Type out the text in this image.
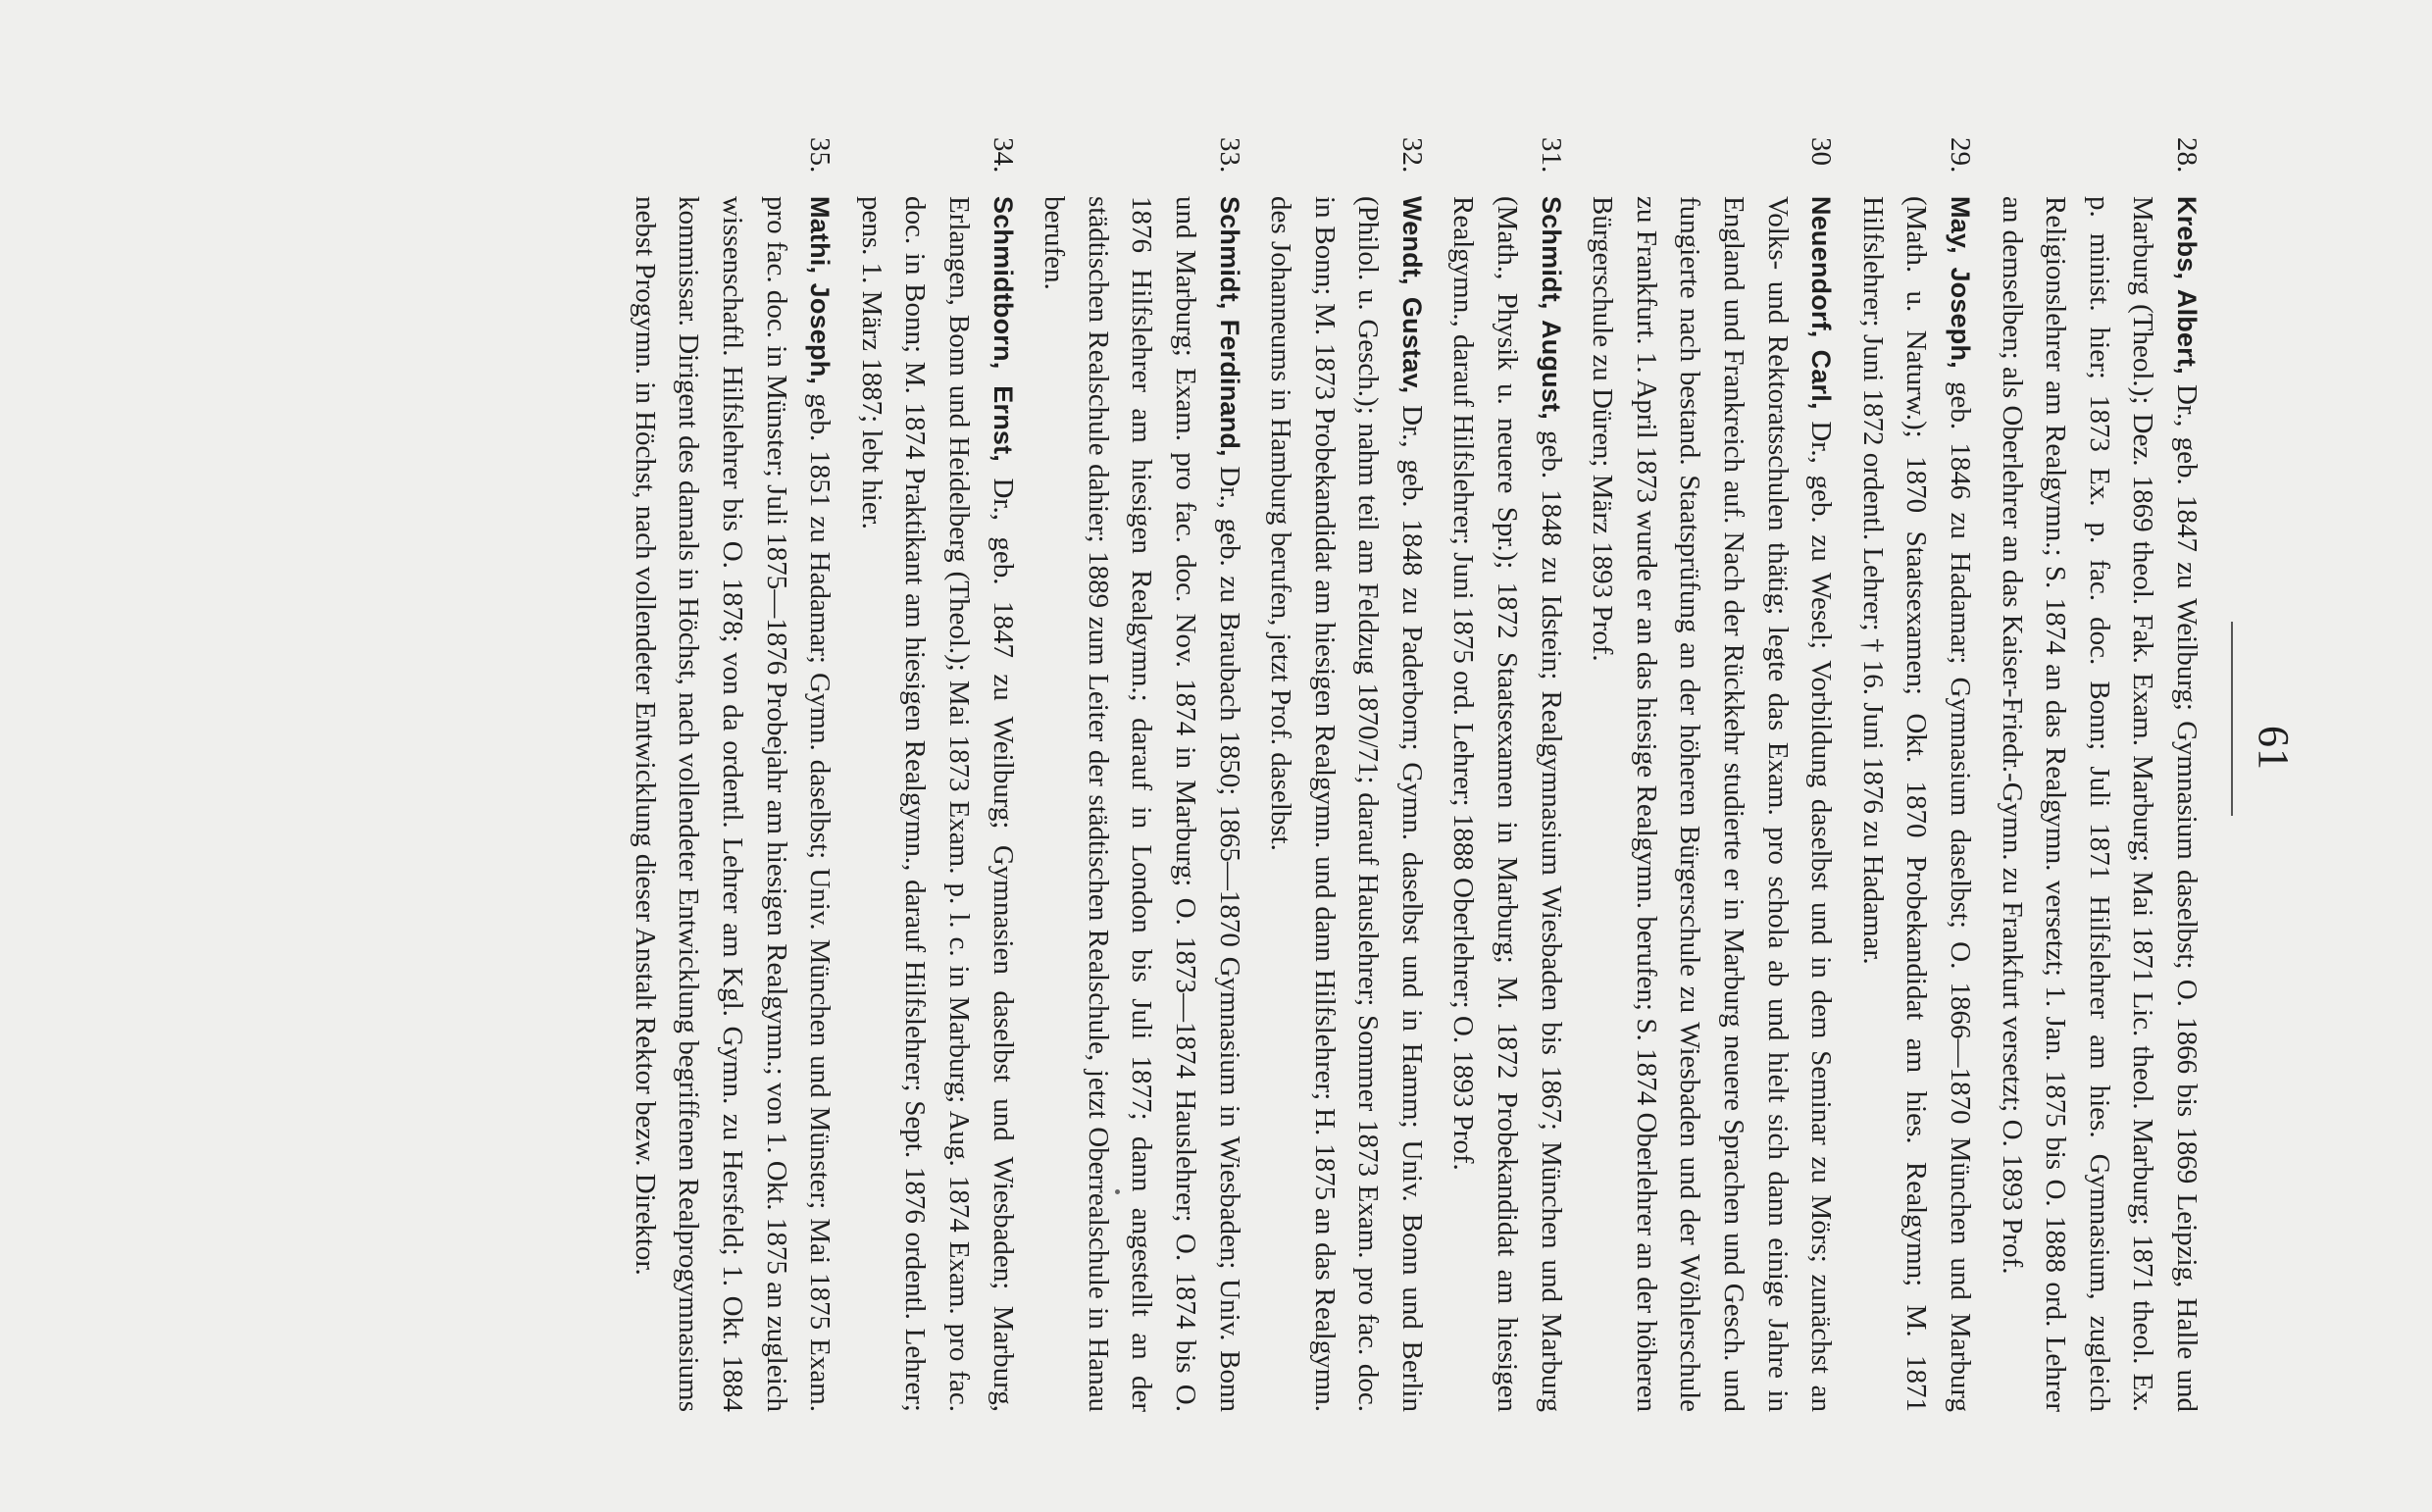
61
28.
Krebs, Albert, Dr., geb. 1847 zu Weilburg; Gymnasium daselbst; O. 1866 bis 1869 Leipzig, Halle und Marburg (Theol.); Dez. 1869 theol. Fak. Exam. Marburg; Mai 1871 Lic. theol. Marburg; 1871 theol. Ex. p. minist. hier; 1873 Ex. p. fac. doc. Bonn; Juli 1871 Hilfslehrer am hies. Gymnasium, zugleich Religionslehrer am Realgymn.; S. 1874 an das Realgymn. versetzt; 1. Jan. 1875 bis O. 1888 ord. Lehrer an demselben; als Oberlehrer an das Kaiser-Friedr.-Gymn. zu Frankfurt versetzt; O. 1893 Prof.
29.
May, Joseph, geb. 1846 zu Hadamar; Gymnasium daselbst; O. 1866—1870 München und Marburg (Math. u. Naturw.); 1870 Staatsexamen; Okt. 1870 Probekandidat am hies. Realgymn; M. 1871 Hilfslehrer; Juni 1872 ordentl. Lehrer; † 16. Juni 1876 zu Hadamar.
30
Neuendorf, Carl, Dr., geb. zu Wesel; Vorbildung daselbst und in dem Seminar zu Mörs; zunächst an Volks- und Rektoratsschulen thätig; legte das Exam. pro schola ab und hielt sich dann einige Jahre in England und Frankreich auf. Nach der Rückkehr studierte er in Marburg neuere Sprachen und Gesch. und fungierte nach bestand. Staatsprüfung an der höheren Bürgerschule zu Wiesbaden und der Wöhlerschule zu Frankfurt. 1. April 1873 wurde er an das hiesige Realgymn. berufen; S. 1874 Oberlehrer an der höheren Bürgerschule zu Düren; März 1893 Prof.
31.
Schmidt, August, geb. 1848 zu Idstein; Realgymnasium Wiesbaden bis 1867; München und Marburg (Math., Physik u. neuere Spr.); 1872 Staatsexamen in Marburg; M. 1872 Probekandidat am hiesigen Realgymn., darauf Hilfslehrer; Juni 1875 ord. Lehrer; 1888 Oberlehrer; O. 1893 Prof.
32.
Wendt, Gustav, Dr., geb. 1848 zu Paderborn; Gymn. daselbst und in Hamm; Univ. Bonn und Berlin (Philol. u. Gesch.); nahm teil am Feldzug 1870/71; darauf Hauslehrer; Sommer 1873 Exam. pro fac. doc. in Bonn; M. 1873 Probekandidat am hiesigen Realgymn. und dann Hilfslehrer; H. 1875 an das Realgymn. des Johanneums in Hamburg berufen, jetzt Prof. daselbst.
33.
Schmidt, Ferdinand, Dr., geb. zu Braubach 1850; 1865—1870 Gymnasium in Wiesbaden; Univ. Bonn und Marburg; Exam. pro fac. doc. Nov. 1874 in Marburg; O. 1873—1874 Hauslehrer; O. 1874 bis O. 1876 Hilfslehrer am hiesigen Realgymn.; darauf in London bis Juli 1877; dann angestellt an der städtischen Realschule dahier; 1889 zum Leiter der städtischen Realschule, jetzt Oberrealschule in Hanau berufen.
34.
Schmidtborn, Ernst, Dr., geb. 1847 zu Weilburg; Gymnasien daselbst und Wiesbaden; Marburg, Erlangen, Bonn und Heidelberg (Theol.); Mai 1873 Exam. p. l. c. in Marburg; Aug. 1874 Exam. pro fac. doc. in Bonn; M. 1874 Praktikant am hiesigen Realgymn., darauf Hilfslehrer; Sept. 1876 ordentl. Lehrer; pens. 1. März 1887; lebt hier.
35.
Mathi, Joseph, geb. 1851 zu Hadamar; Gymn. daselbst; Univ. München und Münster; Mai 1875 Exam. pro fac. doc. in Münster; Juli 1875—1876 Probejahr am hiesigen Realgymn.; von 1. Okt. 1875 an zugleich wissenschaftl. Hilfslehrer bis O. 1878; von da ordentl. Lehrer am Kgl. Gymn. zu Hersfeld; 1. Okt. 1884 kommissar. Dirigent des damals in Höchst, nach vollendeter Entwicklung begriffenen Realprogymnasiums nebst Progymn. in Höchst, nach vollendeter Entwicklung dieser Anstalt Rektor bezw. Direktor.
